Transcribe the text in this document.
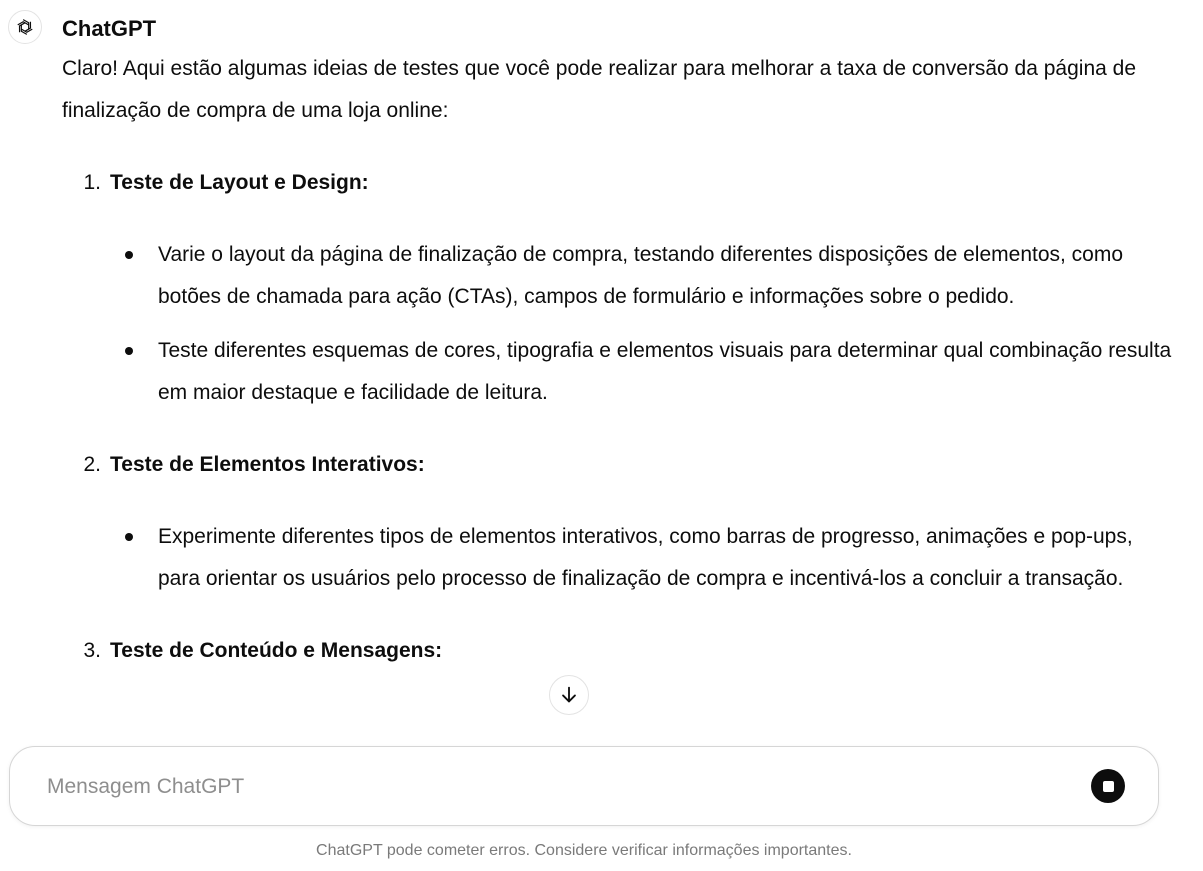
ChatGPT

Claro! Aqui estão algumas ideias de testes que você pode realizar para melhorar a taxa de conversão da página de finalização de compra de uma loja online:

1. Teste de Layout e Design:
Varie o layout da página de finalização de compra, testando diferentes disposições de elementos, como botões de chamada para ação (CTAs), campos de formulário e informações sobre o pedido.
Teste diferentes esquemas de cores, tipografia e elementos visuais para determinar qual combinação resulta em maior destaque e facilidade de leitura.
2. Teste de Elementos Interativos:
Experimente diferentes tipos de elementos interativos, como barras de progresso, animações e pop-ups, para orientar os usuários pelo processo de finalização de compra e incentivá-los a concluir a transação.
3. Teste de Conteúdo e Mensagens:
Mensagem ChatGPT
ChatGPT pode cometer erros. Considere verificar informações importantes.
